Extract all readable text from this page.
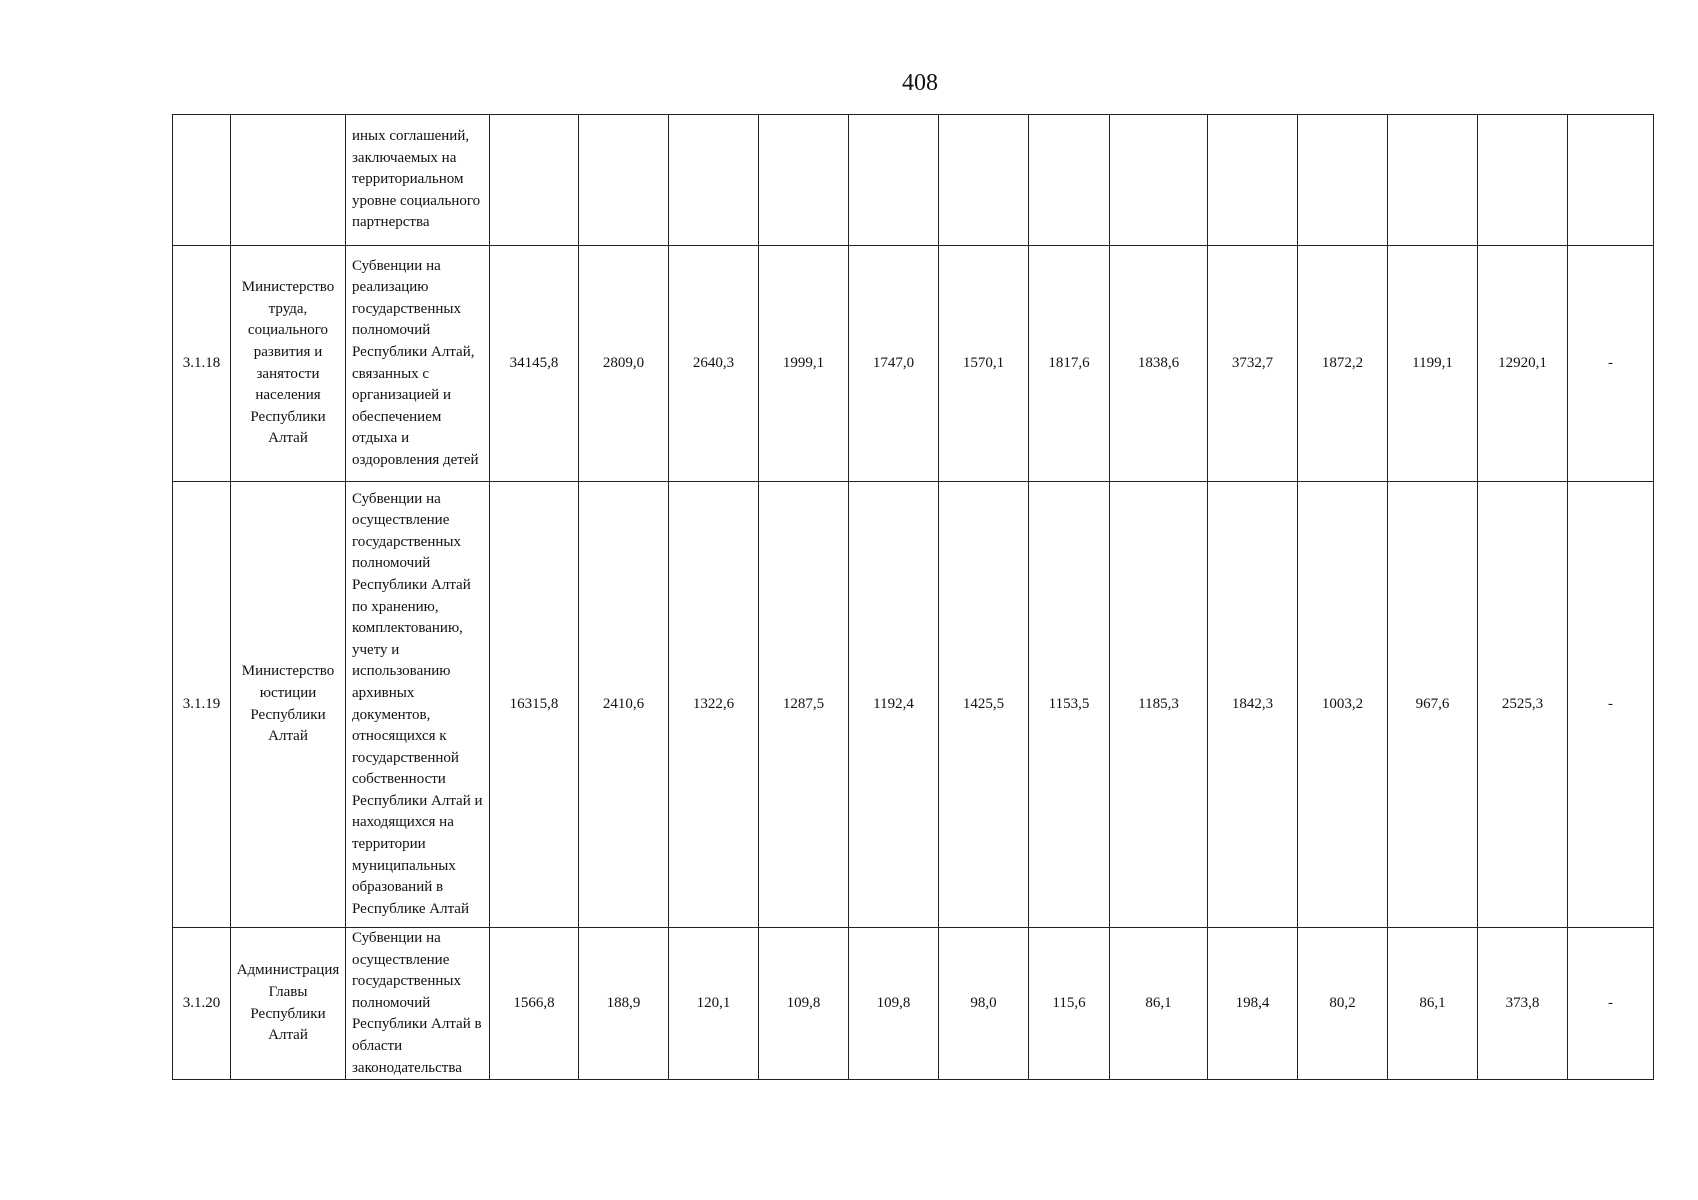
408
		иных соглашений, заключаемых на территориальном уровне социального партнерства													
3.1.18	Министерство труда, социального развития и занятости населения Республики Алтай	Субвенции на реализацию государственных полномочий Республики Алтай, связанных с организацией и обеспечением отдыха и оздоровления детей	34145,8	2809,0	2640,3	1999,1	1747,0	1570,1	1817,6	1838,6	3732,7	1872,2	1199,1	12920,1	-
3.1.19	Министерство юстиции Республики Алтай	Субвенции на осуществление государственных полномочий Республики Алтай по хранению, комплектованию, учету и использованию архивных документов, относящихся к государственной собственности Республики Алтай и находящихся на территории муниципальных образований в Республике Алтай	16315,8	2410,6	1322,6	1287,5	1192,4	1425,5	1153,5	1185,3	1842,3	1003,2	967,6	2525,3	-
3.1.20	Администрация Главы Республики Алтай	Субвенции на осуществление государственных полномочий Республики Алтай в области законодательства	1566,8	188,9	120,1	109,8	109,8	98,0	115,6	86,1	198,4	80,2	86,1	373,8	-
